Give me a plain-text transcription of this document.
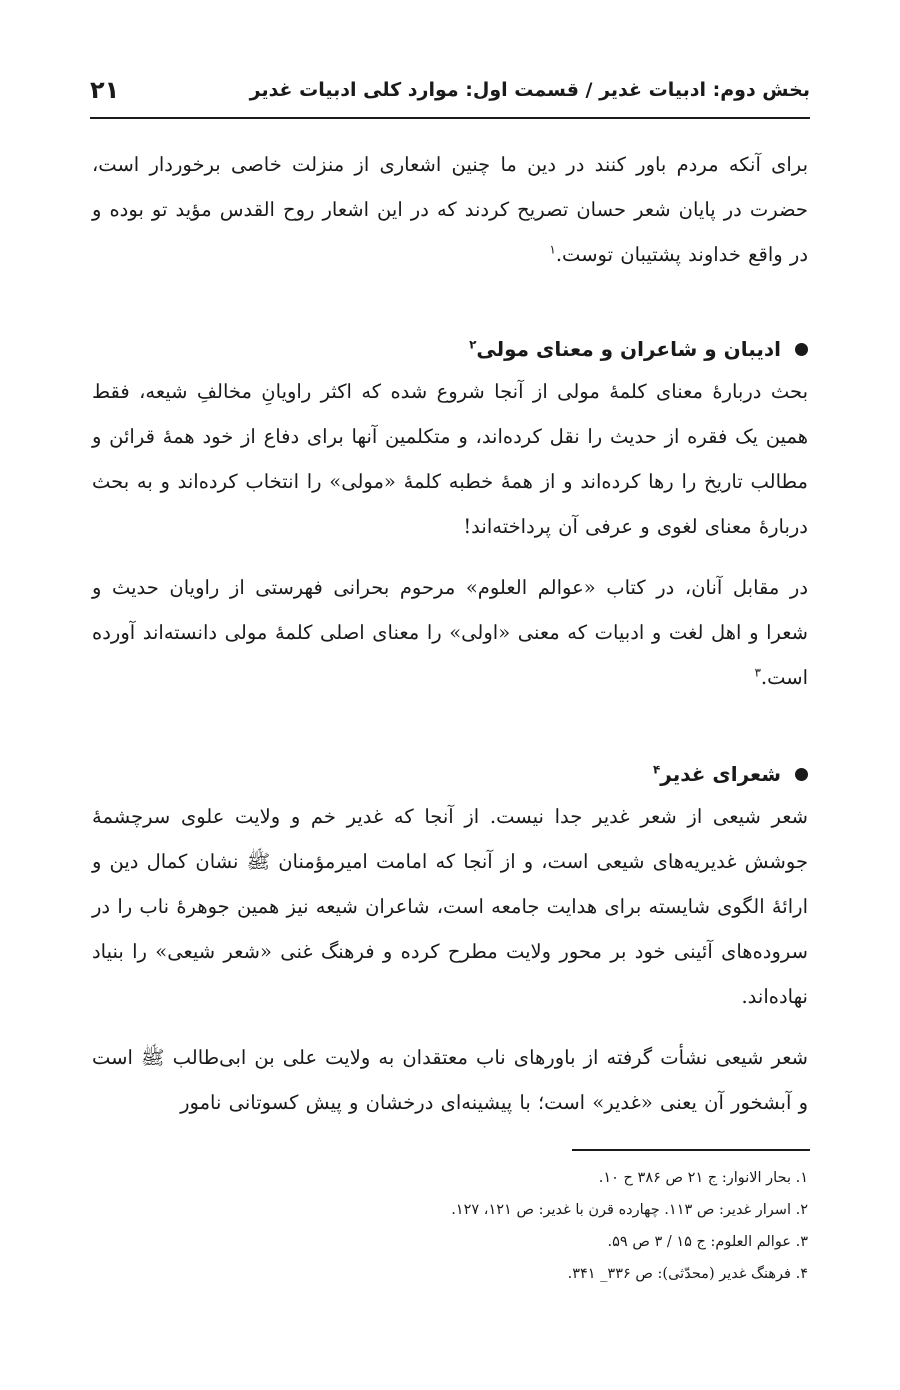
بخش دوم: ادبیات غدیر / قسمت اول: موارد کلی ادبیات غدیر
۲۱

برای آنکه مردم باور کنند در دین ما چنین اشعاری از منزلت خاصی برخوردار است، حضرت در پایان شعر حسان تصریح کردند که در این اشعار روح القدس مؤید تو بوده و در واقع خداوند پشتیبان توست.$^۱$

ادیبان و شاعران و معنای مولی$^۲$

بحث دربارهٔ معنای کلمهٔ مولی از آنجا شروع شده که اکثر راویانِ مخالفِ شیعه، فقط همین یک فقره از حدیث را نقل کرده‌اند، و متکلمین آنها برای دفاع از خود همهٔ قرائن و مطالب تاریخ را رها کرده‌اند و از همهٔ خطبه کلمهٔ «مولی» را انتخاب کرده‌اند و به بحث دربارهٔ معنای لغوی و عرفی آن پرداخته‌اند!

در مقابل آنان، در کتاب «عوالم العلوم» مرحوم بحرانی فهرستی از راویان حدیث و شعرا و اهل لغت و ادبیات که معنی «اولی» را معنای اصلی کلمهٔ مولی دانسته‌اند آورده است.$^۳$

شعرای غدیر$^۴$

شعر شیعی از شعر غدیر جدا نیست. از آنجا که غدیر خم و ولایت علوی سرچشمهٔ جوشش غدیریه‌های شیعی است، و از آنجا که امامت امیرمؤمنان ﷺ نشان کمال دین و ارائهٔ الگوی شایسته برای هدایت جامعه است، شاعران شیعه نیز همین جوهرهٔ ناب را در سروده‌های آئینی خود بر محور ولایت مطرح کرده و فرهنگ غنی «شعر شیعی» را بنیاد نهاده‌اند.

شعر شیعی نشأت گرفته از باورهای ناب معتقدان به ولایت علی بن ابی‌طالب ﷺ است و آبشخور آن یعنی «غدیر» است؛ با پیشینه‌ای درخشان و پیش کسوتانی نامور

۱. بحار الانوار: ج ۲۱ ص ۳۸۶ ح ۱۰.
۲. اسرار غدیر: ص ۱۱۳. چهارده قرن با غدیر: ص ۱۲۱، ۱۲۷.
۳. عوالم العلوم: ج ۱۵ / ۳ ص ۵۹.
۴. فرهنگ غدیر (محدّثی): ص ۳۳۶_ ۳۴۱.
